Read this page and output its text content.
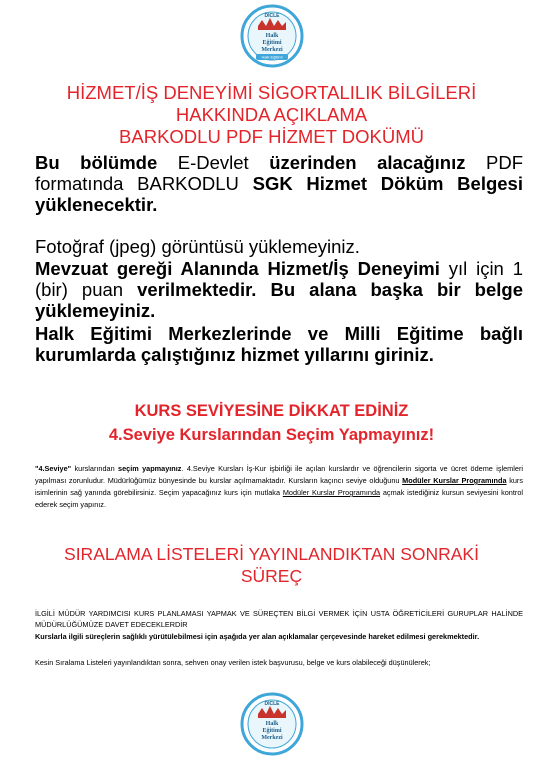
DİCLE
Halk
Eğitimi
Merkezi
Halk Eğitimi
HİZMET/İŞ DENEYİMİ SİGORTALILIK BİLGİLERİ
HAKKINDA AÇIKLAMA
BARKODLU PDF HİZMET DOKÜMÜ
Bu bölümde E-Devlet üzerinden alacağınız PDF formatında BARKODLU SGK Hizmet Döküm Belgesi yüklenecektir.
Fotoğraf (jpeg) görüntüsü yüklemeyiniz.
Mevzuat gereği Alanında Hizmet/İş Deneyimi yıl için 1 (bir) puan verilmektedir. Bu alana başka bir belge yüklemeyiniz.
Halk Eğitimi Merkezlerinde ve Milli Eğitime bağlı kurumlarda çalıştığınız hizmet yıllarını giriniz.
KURS SEVİYESİNE DİKKAT EDİNİZ
4.Seviye Kurslarından Seçim Yapmayınız!
"4.Seviye" kurslarından seçim yapmayınız. 4.Seviye Kursları İş-Kur işbirliği ile açılan kurslardır ve öğrencilerin sigorta ve ücret ödeme işlemleri yapılması zorunludur. Müdürlüğümüz bünyesinde bu kurslar açılmamaktadır. Kursların kaçıncı seviye olduğunu Modüler Kurslar Programında kurs isimlerinin sağ yanında görebilirsiniz. Seçim yapacağınız kurs için mutlaka Modüler Kurslar Programında açmak istediğiniz kursun seviyesini kontrol ederek seçim yapınız.
SIRALAMA LİSTELERİ YAYINLANDIKTAN SONRAKİ
SÜREÇ
İLGİLİ MÜDÜR YARDIMCISI KURS PLANLAMASI YAPMAK VE SÜREÇTEN BİLGİ VERMEK İÇİN USTA ÖĞRETİCİLERİ GURUPLAR HALİNDE MÜDÜRLÜĞÜMÜZE DAVET EDECEKLERDİR
Kurslarla ilgili süreçlerin sağlıklı yürütülebilmesi için aşağıda yer alan açıklamalar çerçevesinde hareket edilmesi gerekmektedir.
Kesin Sıralama Listeleri yayınlandıktan sonra, sehven onay verilen istek başvurusu, belge ve kurs olabileceği düşünülerek;
DİCLE
Halk
Eğitimi
Merkezi
